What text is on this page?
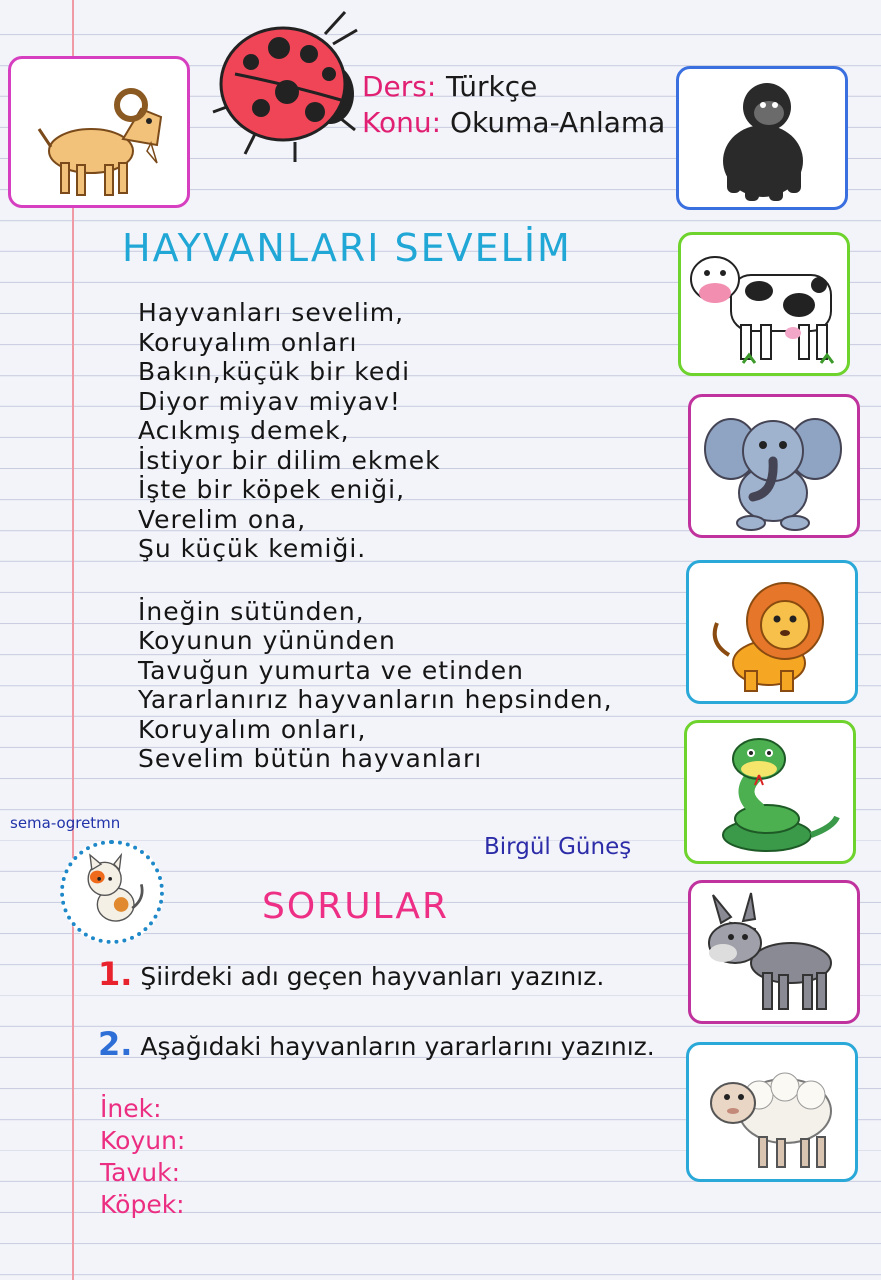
Ders: Türkçe
Konu: Okuma-Anlama
HAYVANLARI SEVELİM
Hayvanları sevelim,
Koruyalım onları
Bakın,küçük bir kedi
Diyor miyav miyav!
Acıkmış demek,
İstiyor bir dilim ekmek
İşte bir köpek eniği,
Verelim ona,
Şu küçük kemiği.
İneğin sütünden,
Koyunun yününden
Tavuğun yumurta ve etinden
Yararlanırız hayvanların hepsinden,
Koruyalım onları,
Sevelim bütün hayvanları
sema-ogretmn
Birgül Güneş
SORULAR
1. Şiirdeki adı geçen hayvanları yazınız.
2. Aşağıdaki hayvanların yararlarını yazınız.
İnek:
Koyun:
Tavuk:
Köpek:
